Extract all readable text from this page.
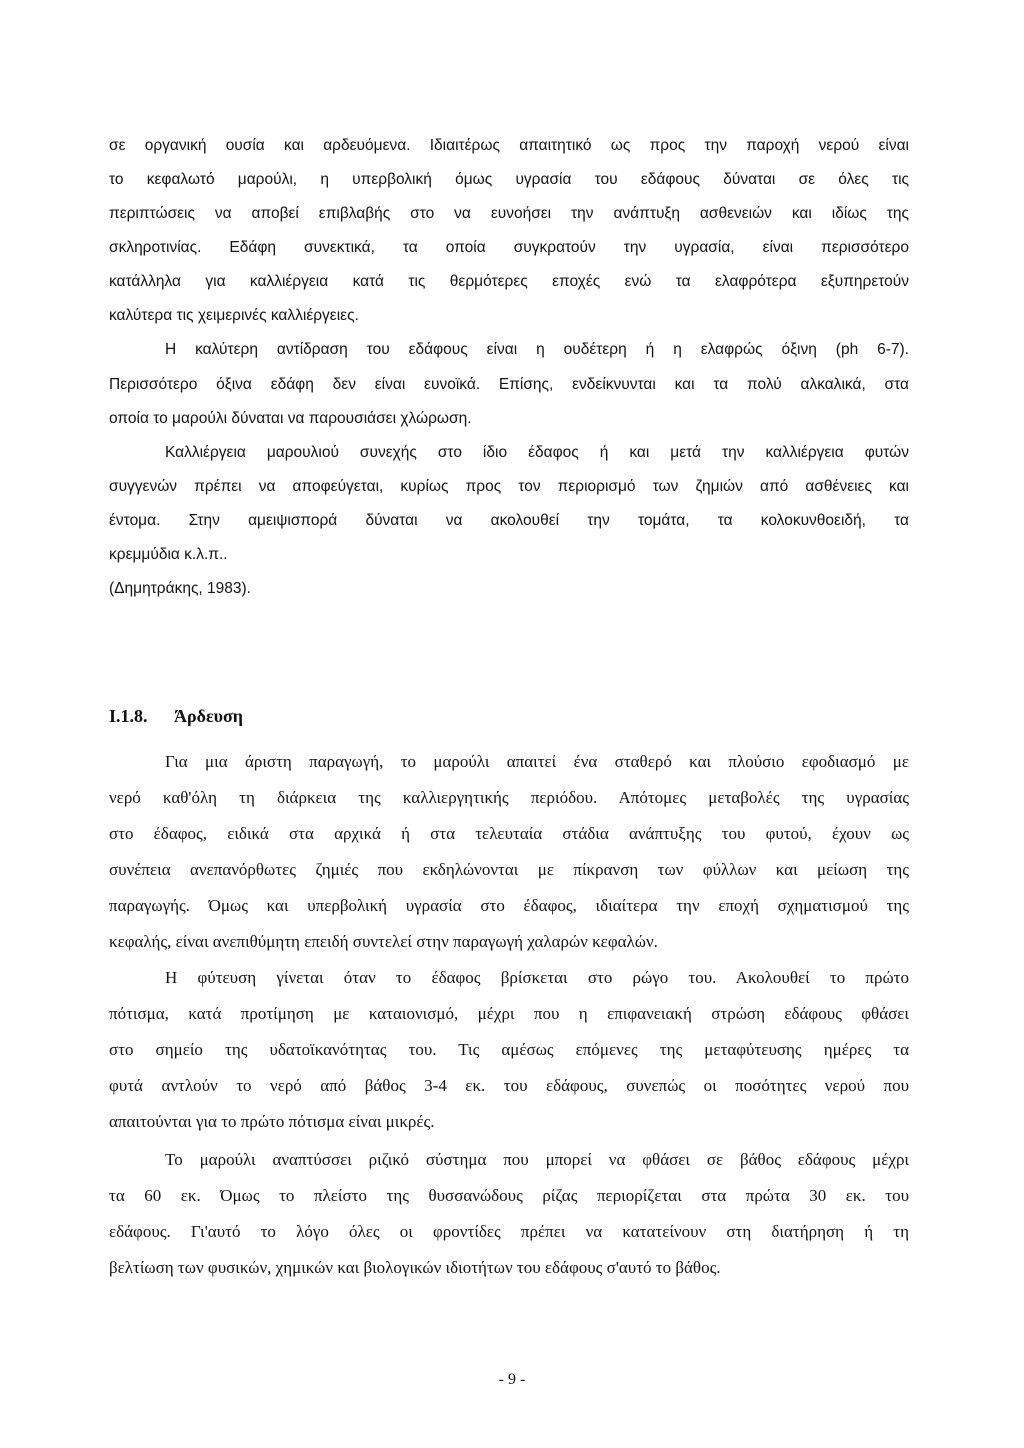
σε οργανική ουσία και αρδευόμενα. Ιδιαιτέρως απαιτητικό ως προς την παροχή νερού είναι
το κεφαλωτό μαρούλι, η υπερβολική όμως υγρασία του εδάφους δύναται σε όλες τις
περιπτώσεις να αποβεί επιβλαβής στο να ευνοήσει την ανάπτυξη ασθενειών και ιδίως της
σκληροτινίας. Εδάφη συνεκτικά, τα οποία συγκρατούν την υγρασία, είναι περισσότερο
κατάλληλα για καλλιέργεια κατά τις θερμότερες εποχές ενώ τα ελαφρότερα εξυπηρετούν
καλύτερα τις χειμερινές καλλιέργειες.
Η καλύτερη αντίδραση του εδάφους είναι η ουδέτερη ή η ελαφρώς όξινη (ph 6-7).
Περισσότερο όξινα εδάφη δεν είναι ευνοϊκά. Επίσης, ενδείκνυνται και τα πολύ αλκαλικά, στα
οποία το μαρούλι δύναται να παρουσιάσει χλώρωση.
Καλλιέργεια μαρουλιού συνεχής στο ίδιο έδαφος ή και μετά την καλλιέργεια φυτών
συγγενών πρέπει να αποφεύγεται, κυρίως προς τον περιορισμό των ζημιών από ασθένειες και
έντομα. Στην αμειψισπορά δύναται να ακολουθεί την τομάτα, τα κολοκυνθοειδή, τα
κρεμμύδια κ.λ.π..
(Δημητράκης, 1983).
I.1.8. Άρδευση
Για μια άριστη παραγωγή, το μαρούλι απαιτεί ένα σταθερό και πλούσιο εφοδιασμό με
νερό καθ'όλη τη διάρκεια της καλλιεργητικής περιόδου. Απότομες μεταβολές της υγρασίας
στο έδαφος, ειδικά στα αρχικά ή στα τελευταία στάδια ανάπτυξης του φυτού, έχουν ως
συνέπεια ανεπανόρθωτες ζημιές που εκδηλώνονται με πίκρανση των φύλλων και μείωση της
παραγωγής. Όμως και υπερβολική υγρασία στο έδαφος, ιδιαίτερα την εποχή σχηματισμού της
κεφαλής, είναι ανεπιθύμητη επειδή συντελεί στην παραγωγή χαλαρών κεφαλών.
Η φύτευση γίνεται όταν το έδαφος βρίσκεται στο ρώγο του. Ακολουθεί το πρώτο
πότισμα, κατά προτίμηση με καταιονισμό, μέχρι που η επιφανειακή στρώση εδάφους φθάσει
στο σημείο της υδατοϊκανότητας του. Τις αμέσως επόμενες της μεταφύτευσης ημέρες τα
φυτά αντλούν το νερό από βάθος 3-4 εκ. του εδάφους, συνεπώς οι ποσότητες νερού που
απαιτούνται για το πρώτο πότισμα είναι μικρές.
Το μαρούλι αναπτύσσει ριζικό σύστημα που μπορεί να φθάσει σε βάθος εδάφους μέχρι
τα 60 εκ. Όμως το πλείστο της θυσσανώδους ρίζας περιορίζεται στα πρώτα 30 εκ. του
εδάφους. Γι'αυτό το λόγο όλες οι φροντίδες πρέπει να κατατείνουν στη διατήρηση ή τη
βελτίωση των φυσικών, χημικών και βιολογικών ιδιοτήτων του εδάφους σ'αυτό το βάθος.
- 9 -
